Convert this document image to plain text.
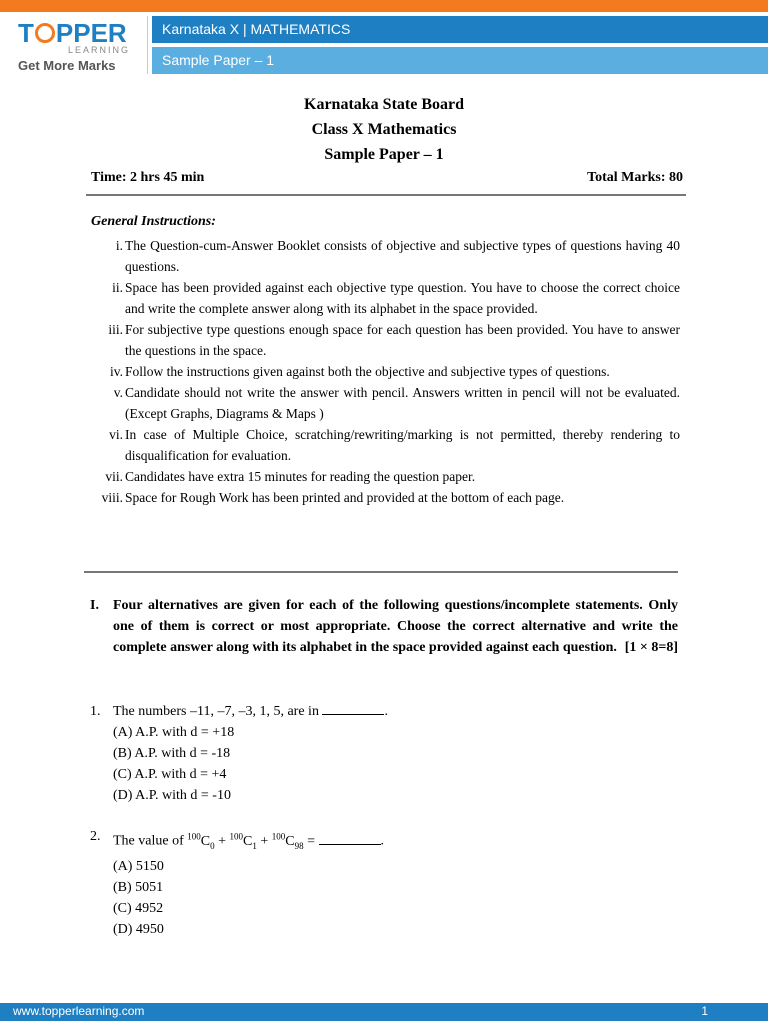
T PPER
LEARNING
Get More Marks
Karnataka X | MATHEMATICS
Sample Paper – 1
Karnataka State Board
Class X Mathematics
Sample Paper – 1
Time: 2 hrs 45 min	Total Marks: 80
General Instructions:
i. The Question-cum-Answer Booklet consists of objective and subjective types of questions having 40 questions.
ii. Space has been provided against each objective type question. You have to choose the correct choice and write the complete answer along with its alphabet in the space provided.
iii. For subjective type questions enough space for each question has been provided. You have to answer the questions in the space.
iv. Follow the instructions given against both the objective and subjective types of questions.
v. Candidate should not write the answer with pencil. Answers written in pencil will not be evaluated. (Except Graphs, Diagrams & Maps )
vi. In case of Multiple Choice, scratching/rewriting/marking is not permitted, thereby rendering to disqualification for evaluation.
vii. Candidates have extra 15 minutes for reading the question paper.
viii. Space for Rough Work has been printed and provided at the bottom of each page.
I. Four alternatives are given for each of the following questions/incomplete statements. Only one of them is correct or most appropriate. Choose the correct alternative and write the complete answer along with its alphabet in the space provided against each question. [1 × 8=8]
1. The numbers –11, –7, –3, 1, 5, are in	.
(A) A.P. with d = +18
(B) A.P. with d = -18
(C) A.P. with d = +4
(D) A.P. with d = -10
2. The value of $^{100}C_0 + ^{100}C_1 + ^{100}C_{98}$ =	.
(A) 5150
(B) 5051
(C) 4952
(D) 4950
www.topperlearning.com	1
